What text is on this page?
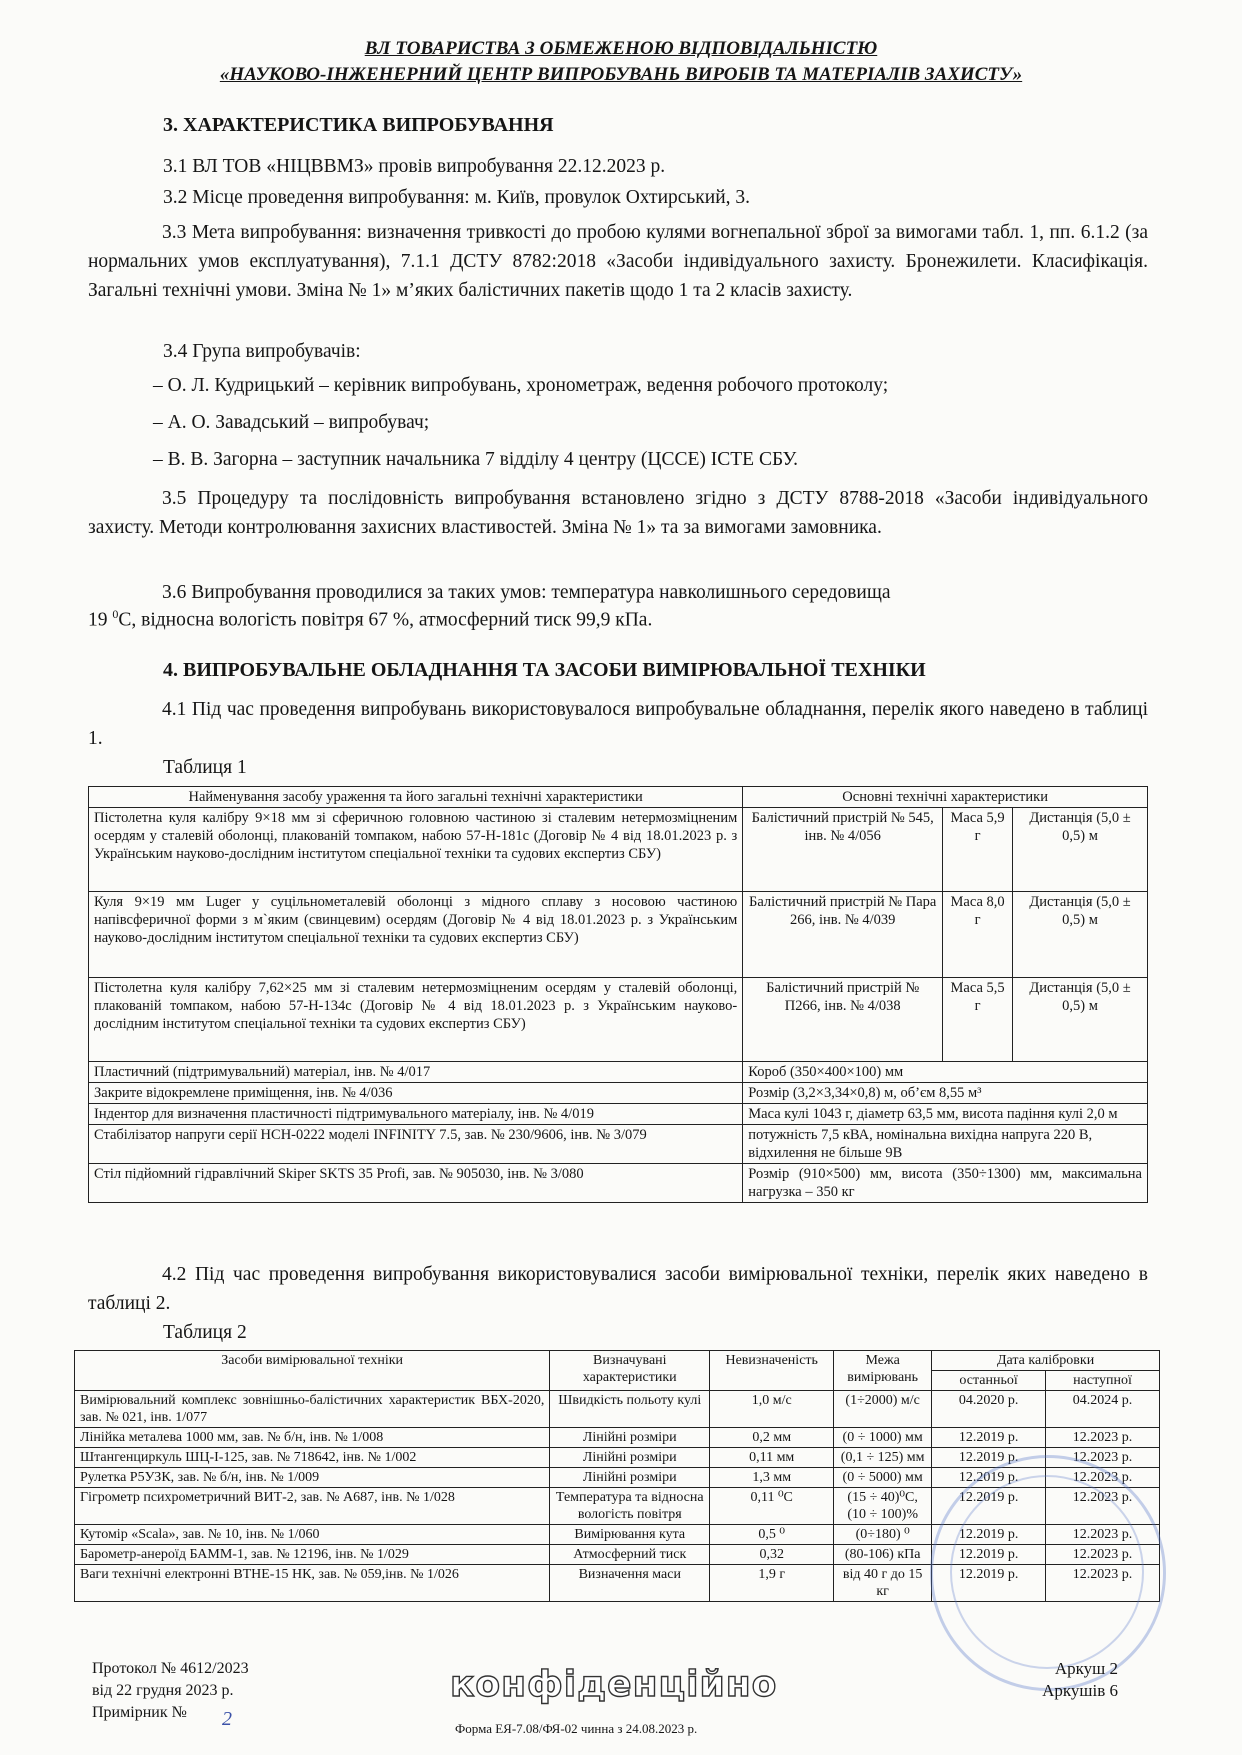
ВЛ ТОВАРИСТВА З ОБМЕЖЕНОЮ ВІДПОВІДАЛЬНІСТЮ
«НАУКОВО-ІНЖЕНЕРНИЙ ЦЕНТР ВИПРОБУВАНЬ ВИРОБІВ ТА МАТЕРІАЛІВ ЗАХИСТУ»
3. ХАРАКТЕРИСТИКА ВИПРОБУВАННЯ
3.1 ВЛ ТОВ «НІЦВВМЗ» провів випробування 22.12.2023 р.
3.2 Місце проведення випробування: м. Київ, провулок Охтирський, 3.
3.3 Мета випробування: визначення тривкості до пробою кулями вогнепальної зброї за вимогами табл. 1, пп. 6.1.2 (за нормальних умов експлуатування), 7.1.1 ДСТУ 8782:2018 «Засоби індивідуального захисту. Бронежилети. Класифікація. Загальні технічні умови. Зміна № 1» м’яких балістичних пакетів щодо 1 та 2 класів захисту.
3.4 Група випробувачів:
– О. Л. Кудрицький – керівник випробувань, хронометраж, ведення робочого протоколу;
– А. О. Завадський – випробувач;
– В. В. Загорна – заступник начальника 7 відділу 4 центру (ЦССЕ) ІСТЕ СБУ.
3.5 Процедуру та послідовність випробування встановлено згідно з ДСТУ 8788-2018 «Засоби індивідуального захисту. Методи контролювання захисних властивостей. Зміна № 1» та за вимогами замовника.
3.6 Випробування проводилися за таких умов: температура навколишнього середовища
19 $^0$С, відносна вологість повітря 67 %, атмосферний тиск 99,9 кПа.
4. ВИПРОБУВАЛЬНЕ ОБЛАДНАННЯ ТА ЗАСОБИ ВИМІРЮВАЛЬНОЇ ТЕХНІКИ
4.1 Під час проведення випробувань використовувалося випробувальне обладнання, перелік якого наведено в таблиці 1.
Таблиця 1
Найменування засобу ураження та його загальні технічні характеристики	Основні технічні характеристики		
Пістолетна куля калібру 9×18 мм зі сферичною головною частиною зі сталевим нетермозміцненим осердям у сталевій оболонці, плакованій томпаком, набою 57-Н-181с (Договір № 4 від 18.01.2023 р. з Українським науково-дослідним інститутом спеціальної техніки та судових експертиз СБУ)	Балістичний пристрій № 545, інв. № 4/056	Маса 5,9 г	Дистанція (5,0 ± 0,5) м
Куля 9×19 мм Luger у суцільнометалевій оболонці з мідного сплаву з носовою частиною напівсферичної форми з м`яким (свинцевим) осердям (Договір № 4 від 18.01.2023 р. з Українським науково-дослідним інститутом спеціальної техніки та судових експертиз СБУ)	Балістичний пристрій № Пара 266, інв. № 4/039	Маса 8,0 г	Дистанція (5,0 ± 0,5) м
Пістолетна куля калібру 7,62×25 мм зі сталевим нетермозміцненим осердям у сталевій оболонці, плакованій томпаком, набою 57-Н-134с (Договір № 4 від 18.01.2023 р. з Українським науково-дослідним інститутом спеціальної техніки та судових експертиз СБУ)	Балістичний пристрій № П266, інв. № 4/038	Маса 5,5 г	Дистанція (5,0 ± 0,5) м
Пластичний (підтримувальний) матеріал, інв. № 4/017	Короб (350×400×100) мм		
Закрите відокремлене приміщення, інв. № 4/036	Розмір (3,2×3,34×0,8) м, об’єм 8,55 м³		
Індентор для визначення пластичності підтримувального матеріалу, інв. № 4/019	Маса кулі 1043 г, діаметр 63,5 мм, висота падіння кулі 2,0 м		
Стабілізатор напруги серії HCH-0222 моделі INFINITY 7.5, зав. № 230/9606, інв. № 3/079	потужність 7,5 кВА, номінальна вихідна напруга 220 В, відхилення не більше 9В		
Стіл підйомний гідравлічний Skiper SKTS 35 Profi, зав. № 905030, інв. № 3/080	Розмір (910×500) мм, висота (350÷1300) мм, максимальна нагрузка – 350 кг		
4.2 Під час проведення випробування використовувалися засоби вимірювальної техніки, перелік яких наведено в таблиці 2.
Таблиця 2
Засоби вимірювальної техніки	Визначувані характеристики	Невизначеність	Межа вимірювань	Дата калібровки	
				останньої	наступної
Вимірювальний комплекс зовнішньо-балістичних характеристик ВБХ-2020, зав. № 021, інв. 1/077	Швидкість польоту кулі	1,0 м/с	(1÷2000) м/с	04.2020 р.	04.2024 р.
Лінійка металева 1000 мм, зав. № б/н, інв. № 1/008	Лінійні розміри	0,2 мм	(0 ÷ 1000) мм	12.2019 р.	12.2023 р.
Штангенциркуль ШЦ-І-125, зав. № 718642, інв. № 1/002	Лінійні розміри	0,11 мм	(0,1 ÷ 125) мм	12.2019 р.	12.2023 р.
Рулетка Р5УЗК, зав. № б/н, інв. № 1/009	Лінійні розміри	1,3 мм	(0 ÷ 5000) мм	12.2019 р.	12.2023 р.
Гігрометр психрометричний ВИТ-2, зав. № А687, інв. № 1/028	Температура та відносна вологість повітря	0,11 ⁰С	(15 ÷ 40)⁰С, (10 ÷ 100)%	12.2019 р.	12.2023 р.
Кутомір «Scala», зав. № 10, інв. № 1/060	Вимірювання кута	0,5 ⁰	(0÷180) ⁰	12.2019 р.	12.2023 р.
Барометр-анероїд БАММ-1, зав. № 12196, інв. № 1/029	Атмосферний тиск	0,32	(80-106) кПа	12.2019 р.	12.2023 р.
Ваги технічні електронні ВТНЕ-15 НК, зав. № 059,інв. № 1/026	Визначення маси	1,9 г	від 40 г до 15 кг	12.2019 р.	12.2023 р.
Протокол № 4612/2023
від 22 грудня 2023 р.
Примірник №	2
конфіденційно
Форма ЕЯ-7.08/ФЯ-02 чинна з 24.08.2023 р.
Аркуш 2
Аркушів 6
